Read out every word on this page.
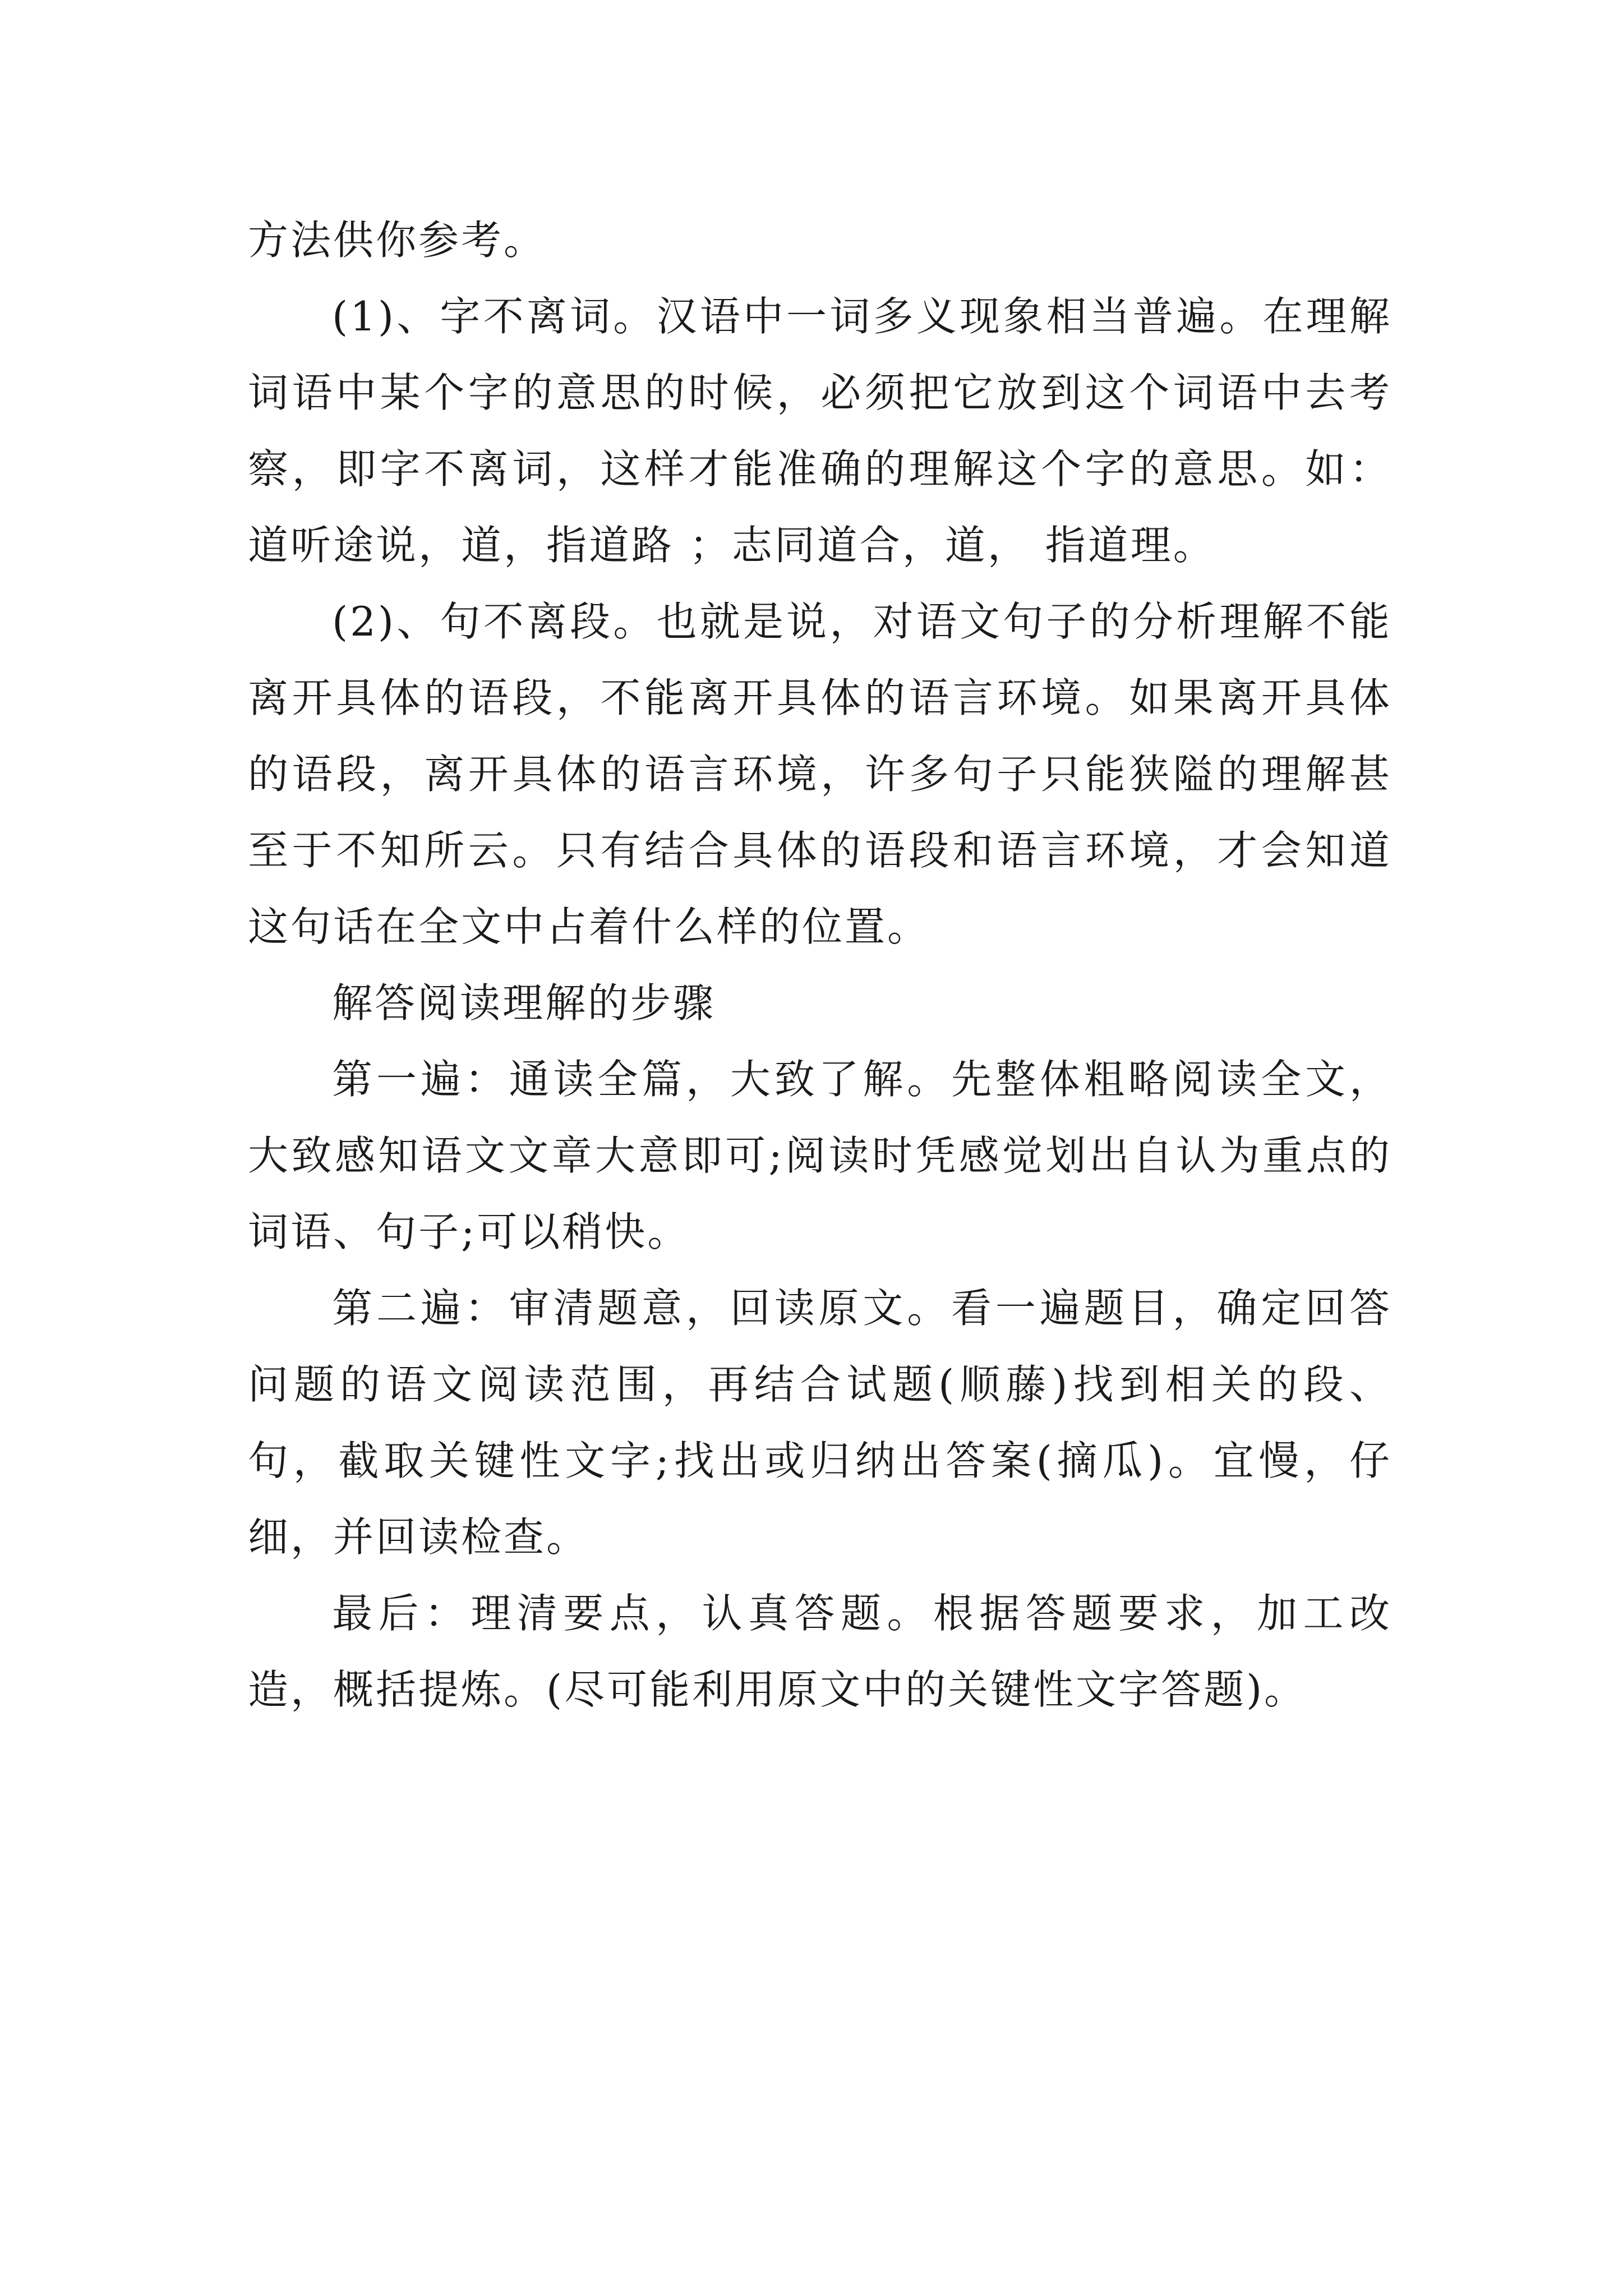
方法供你参考。

(1)、字不离词。汉语中一词多义现象相当普遍。在理解词语中某个字的意思的时候，必须把它放到这个词语中去考察，即字不离词，这样才能准确的理解这个字的意思。如：道听途说，道，指道路 ；志同道合，道， 指道理。

(2)、句不离段。也就是说，对语文句子的分析理解不能离开具体的语段，不能离开具体的语言环境。如果离开具体的语段，离开具体的语言环境，许多句子只能狭隘的理解甚至于不知所云。只有结合具体的语段和语言环境，才会知道这句话在全文中占着什么样的位置。

解答阅读理解的步骤

第一遍：通读全篇，大致了解。先整体粗略阅读全文，大致感知语文文章大意即可;阅读时凭感觉划出自认为重点的词语、句子;可以稍快。

第二遍：审清题意，回读原文。看一遍题目，确定回答问题的语文阅读范围，再结合试题(顺藤)找到相关的段、句，截取关键性文字;找出或归纳出答案(摘瓜)。宜慢，仔细，并回读检查。

最后：理清要点，认真答题。根据答题要求，加工改造，概括提炼。(尽可能利用原文中的关键性文字答题)。
